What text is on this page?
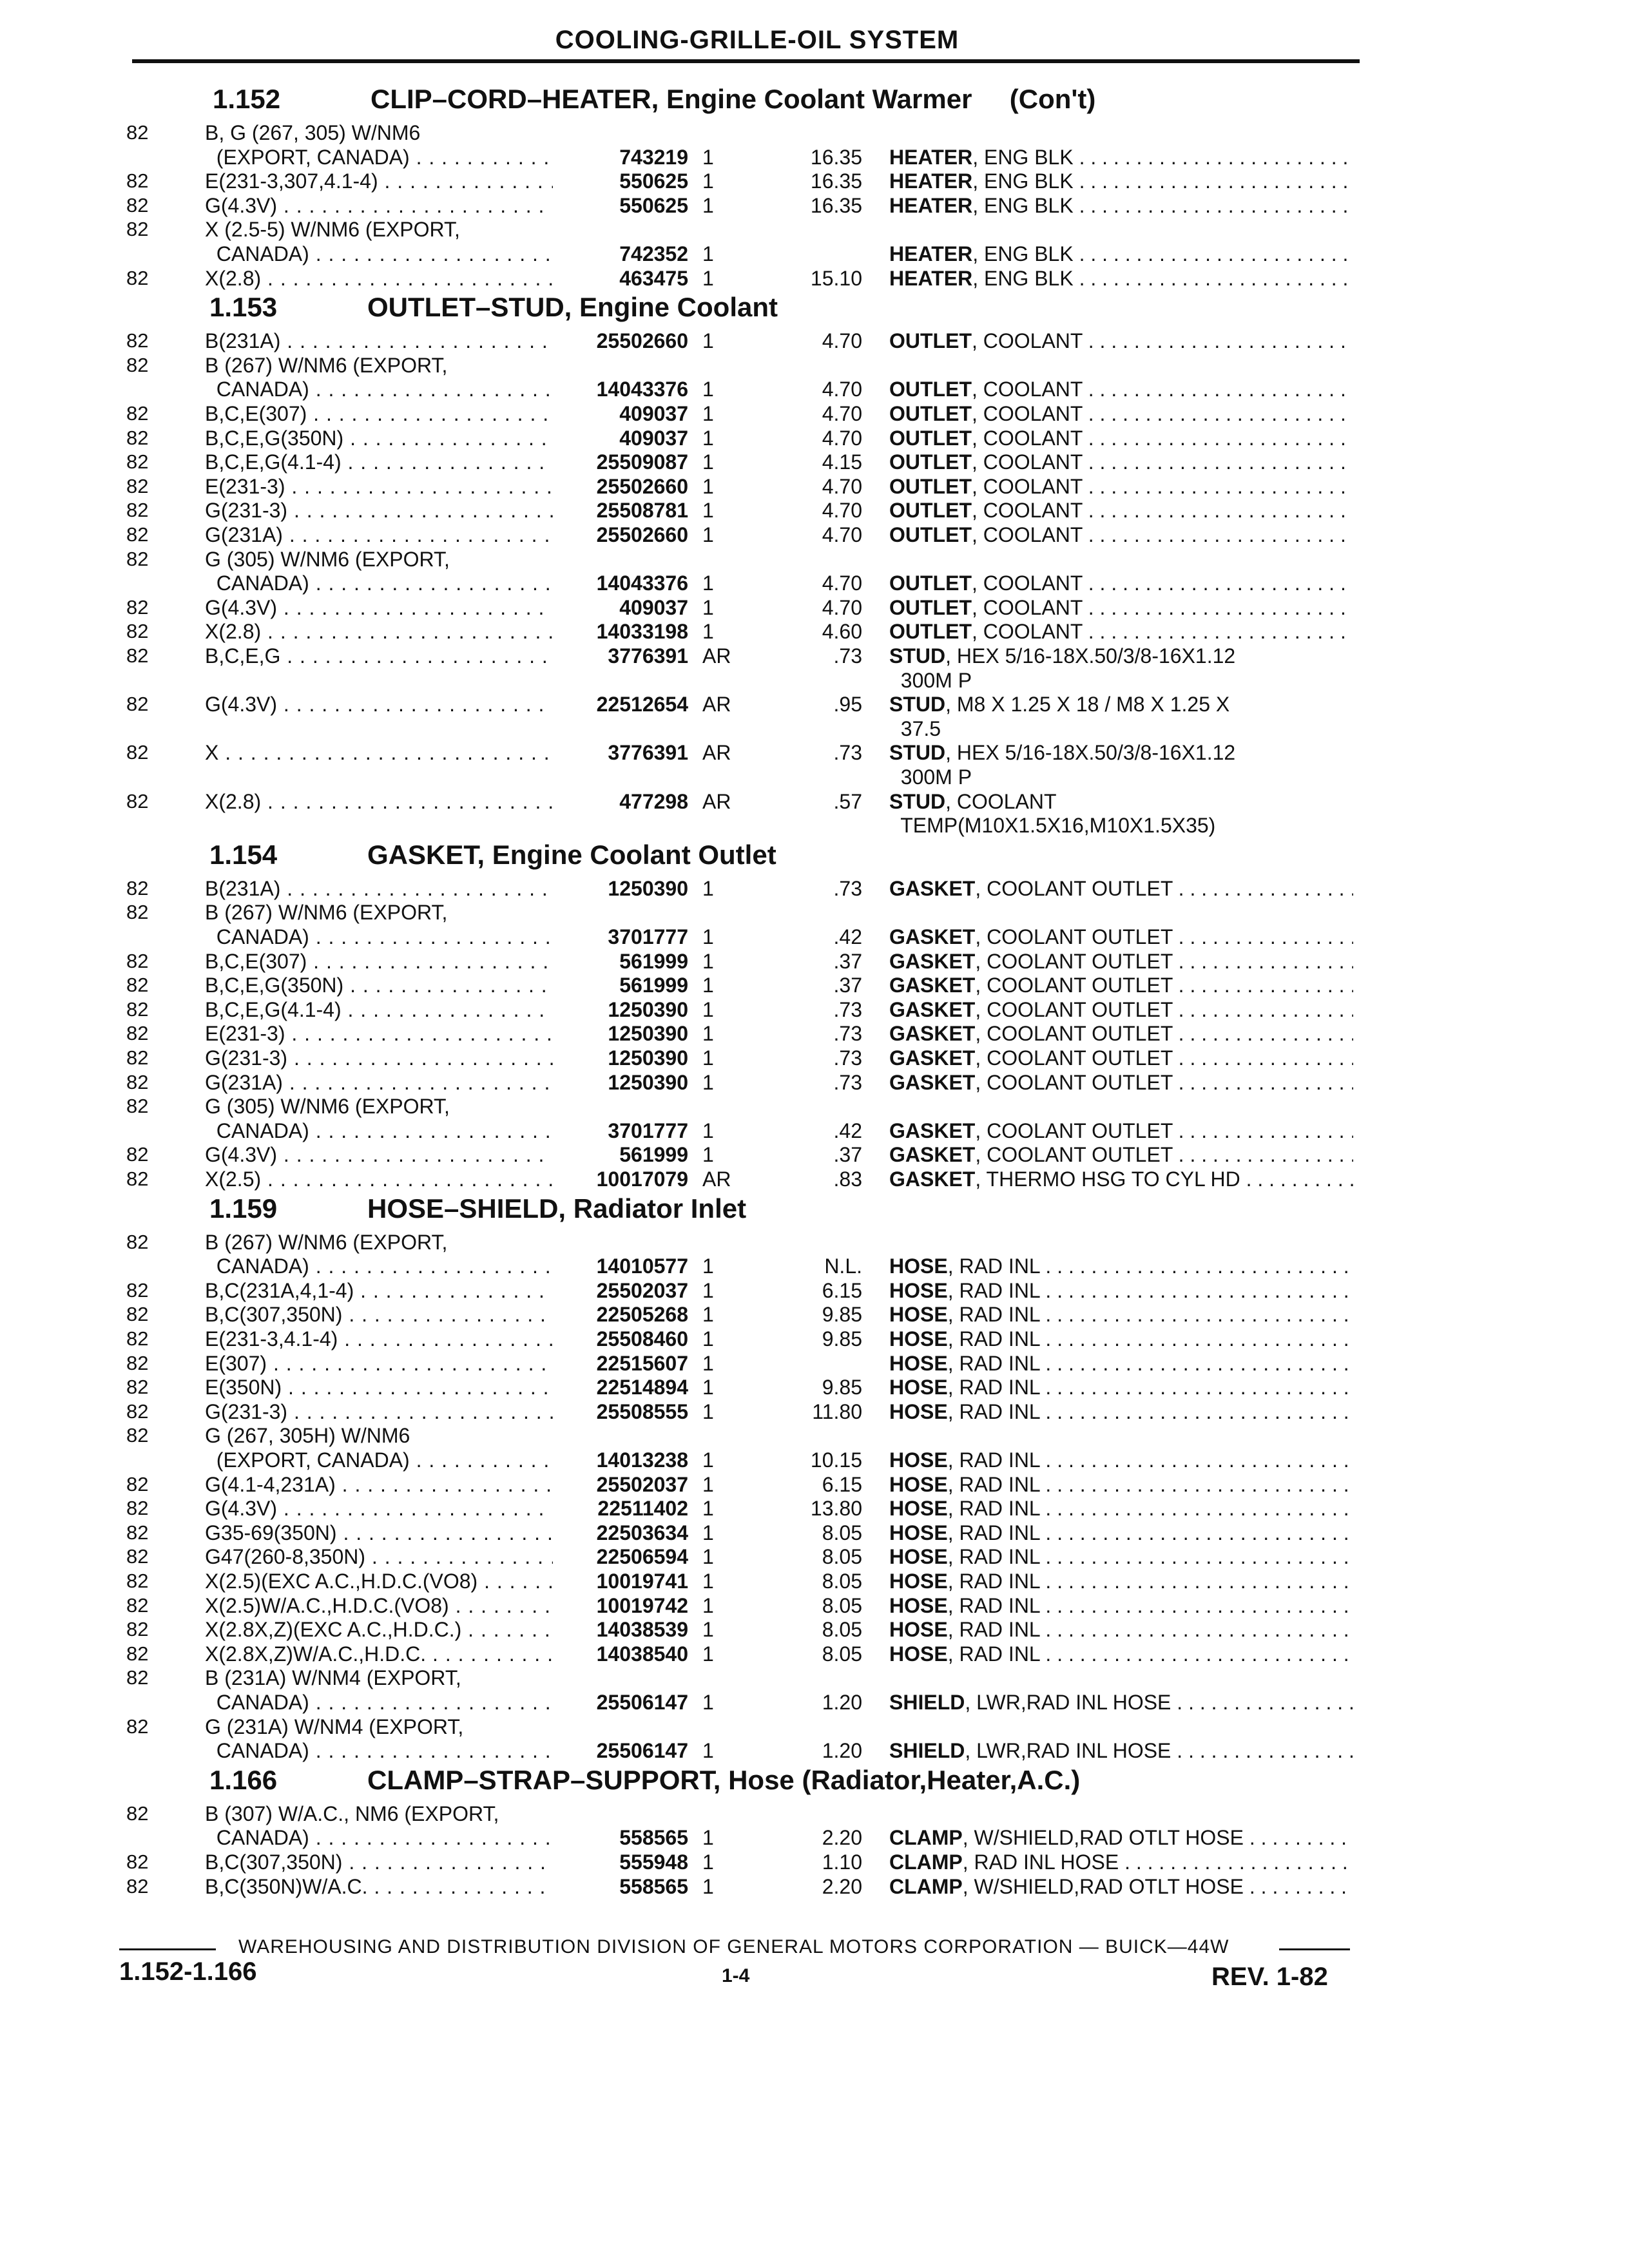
COOLING-GRILLE-OIL SYSTEM
1.152	CLIP–CORD–HEATER, Engine Coolant Warmer     (Con't)
82	B, G (267, 305) W/NM6
(EXPORT, CANADA) . . .	743219 1	16.35 HEATER, ENG BLK . . .
82	E(231-3,307,4.1-4) . . .	550625 1	16.35 HEATER, ENG BLK . . .
82	G(4.3V) . . .	550625 1	16.35 HEATER, ENG BLK . . .
82	X (2.5-5) W/NM6 (EXPORT,
CANADA) . . .	742352 1	HEATER, ENG BLK . . .
82	X(2.8) . . .	463475 1	15.10 HEATER, ENG BLK . . .
1.153	OUTLET–STUD, Engine Coolant
82	B(231A) . . .	25502660 1	4.70 OUTLET, COOLANT . . .
82	B (267) W/NM6 (EXPORT,
CANADA) . . .	14043376 1	4.70 OUTLET, COOLANT . . .
82	B,C,E(307) . . .	409037 1	4.70 OUTLET, COOLANT . . .
82	B,C,E,G(350N) . . .	409037 1	4.70 OUTLET, COOLANT . . .
82	B,C,E,G(4.1-4) . . .	25509087 1	4.15 OUTLET, COOLANT . . .
82	E(231-3) . . .	25502660 1	4.70 OUTLET, COOLANT . . .
82	G(231-3) . . .	25508781 1	4.70 OUTLET, COOLANT . . .
82	G(231A) . . .	25502660 1	4.70 OUTLET, COOLANT . . .
82	G (305) W/NM6 (EXPORT,
CANADA) . . .	14043376 1	4.70 OUTLET, COOLANT . . .
82	G(4.3V) . . .	409037 1	4.70 OUTLET, COOLANT . . .
82	X(2.8) . . .	14033198 1	4.60 OUTLET, COOLANT . . .
82	B,C,E,G . . .	3776391 AR	.73 STUD, HEX 5/16-18X.50/3/8-16X1.12
300M P
82	G(4.3V) . . .	22512654 AR	.95 STUD, M8 X 1.25 X 18 / M8 X 1.25 X
37.5
82	X . . .	3776391 AR	.73 STUD, HEX 5/16-18X.50/3/8-16X1.12
300M P
82	X(2.8) . . .	477298 AR	.57 STUD, COOLANT
TEMP(M10X1.5X16,M10X1.5X35)
1.154	GASKET, Engine Coolant Outlet
82	B(231A) . . .	1250390 1	.73 GASKET, COOLANT OUTLET . . .
82	B (267) W/NM6 (EXPORT,
CANADA) . . .	3701777 1	.42 GASKET, COOLANT OUTLET . . .
82	B,C,E(307) . . .	561999 1	.37 GASKET, COOLANT OUTLET . . .
82	B,C,E,G(350N) . . .	561999 1	.37 GASKET, COOLANT OUTLET . . .
82	B,C,E,G(4.1-4) . . .	1250390 1	.73 GASKET, COOLANT OUTLET . . .
82	E(231-3) . . .	1250390 1	.73 GASKET, COOLANT OUTLET . . .
82	G(231-3) . . .	1250390 1	.73 GASKET, COOLANT OUTLET . . .
82	G(231A) . . .	1250390 1	.73 GASKET, COOLANT OUTLET . . .
82	G (305) W/NM6 (EXPORT,
CANADA) . . .	3701777 1	.42 GASKET, COOLANT OUTLET . . .
82	G(4.3V) . . .	561999 1	.37 GASKET, COOLANT OUTLET . . .
82	X(2.5) . . .	10017079 AR	.83 GASKET, THERMO HSG TO CYL HD . . .
1.159	HOSE–SHIELD, Radiator Inlet
82	B (267) W/NM6 (EXPORT,
CANADA) . . .	14010577 1	N.L. HOSE, RAD INL . . .
82	B,C(231A,4,1-4) . . .	25502037 1	6.15 HOSE, RAD INL . . .
82	B,C(307,350N) . . .	22505268 1	9.85 HOSE, RAD INL . . .
82	E(231-3,4.1-4) . . .	25508460 1	9.85 HOSE, RAD INL . . .
82	E(307) . . .	22515607 1	HOSE, RAD INL . . .
82	E(350N) . . .	22514894 1	9.85 HOSE, RAD INL . . .
82	G(231-3) . . .	25508555 1	11.80 HOSE, RAD INL . . .
82	G (267, 305H) W/NM6
(EXPORT, CANADA) . . .	14013238 1	10.15 HOSE, RAD INL . . .
82	G(4.1-4,231A) . . .	25502037 1	6.15 HOSE, RAD INL . . .
82	G(4.3V) . . .	22511402 1	13.80 HOSE, RAD INL . . .
82	G35-69(350N) . . .	22503634 1	8.05 HOSE, RAD INL . . .
82	G47(260-8,350N) . . .	22506594 1	8.05 HOSE, RAD INL . . .
82	X(2.5)(EXC A.C.,H.D.C.(VO8) . . .	10019741 1	8.05 HOSE, RAD INL . . .
82	X(2.5)W/A.C.,H.D.C.(VO8) . . .	10019742 1	8.05 HOSE, RAD INL . . .
82	X(2.8X,Z)(EXC A.C.,H.D.C.) . . .	14038539 1	8.05 HOSE, RAD INL . . .
82	X(2.8X,Z)W/A.C.,H.D.C. . . .	14038540 1	8.05 HOSE, RAD INL . . .
82	B (231A) W/NM4 (EXPORT,
CANADA) . . .	25506147 1	1.20 SHIELD, LWR,RAD INL HOSE . . .
82	G (231A) W/NM4 (EXPORT,
CANADA) . . .	25506147 1	1.20 SHIELD, LWR,RAD INL HOSE . . .
1.166	CLAMP–STRAP–SUPPORT, Hose (Radiator,Heater,A.C.)
82	B (307) W/A.C., NM6 (EXPORT,
CANADA) . . .	558565 1	2.20 CLAMP, W/SHIELD,RAD OTLT HOSE . . .
82	B,C(307,350N) . . .	555948 1	1.10 CLAMP, RAD INL HOSE . . .
82	B,C(350N)W/A.C. . . .	558565 1	2.20 CLAMP, W/SHIELD,RAD OTLT HOSE . . .
WAREHOUSING AND DISTRIBUTION DIVISION OF GENERAL MOTORS CORPORATION — BUICK—44W
1.152-1.166	1-4	REV. 1-82
